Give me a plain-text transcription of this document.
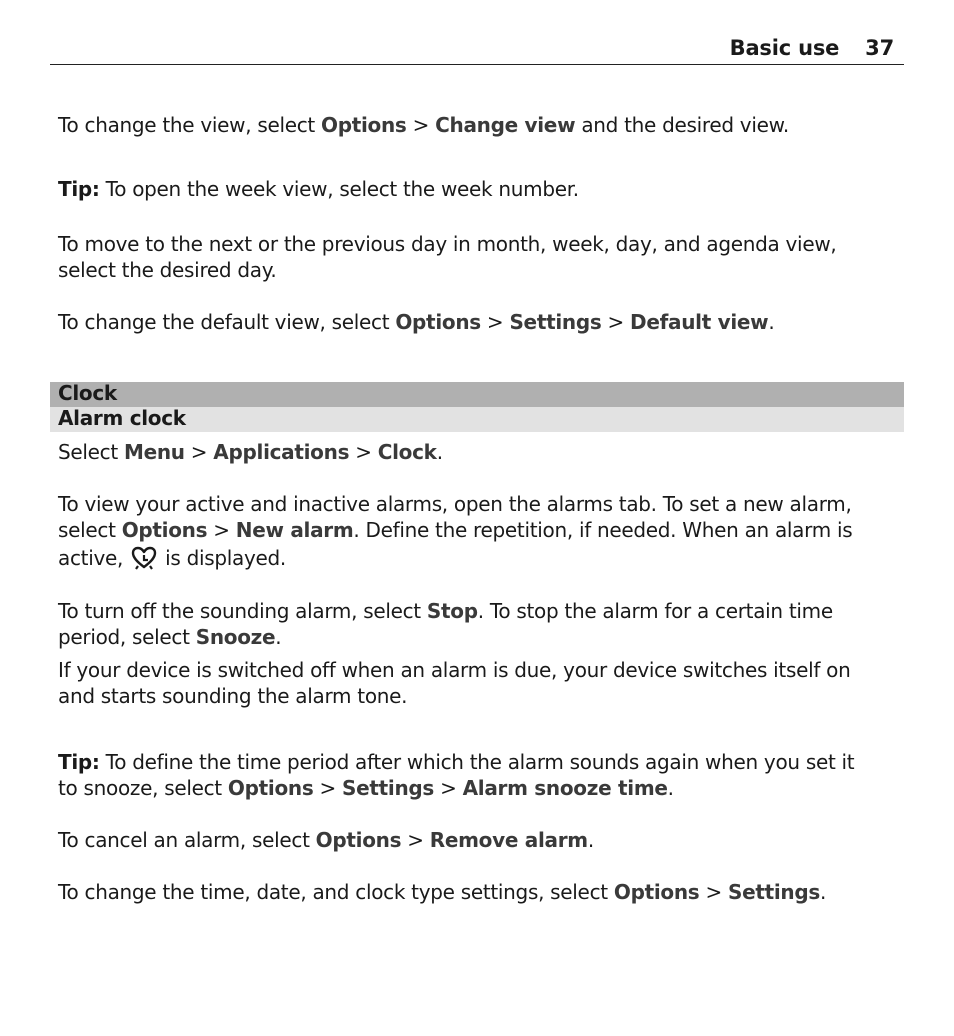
Basic use 37
To change the view, select Options > Change view and the desired view.
Tip: To open the week view, select the week number.
To move to the next or the previous day in month, week, day, and agenda view,
select the desired day.
To change the default view, select Options > Settings > Default view.
Clock
Alarm clock
Select Menu > Applications > Clock.
To view your active and inactive alarms, open the alarms tab. To set a new alarm,
select Options > New alarm. Define the repetition, if needed. When an alarm is
active,  is displayed.
To turn off the sounding alarm, select Stop. To stop the alarm for a certain time
period, select Snooze.
If your device is switched off when an alarm is due, your device switches itself on
and starts sounding the alarm tone.
Tip: To define the time period after which the alarm sounds again when you set it
to snooze, select Options > Settings > Alarm snooze time.
To cancel an alarm, select Options > Remove alarm.
To change the time, date, and clock type settings, select Options > Settings.
